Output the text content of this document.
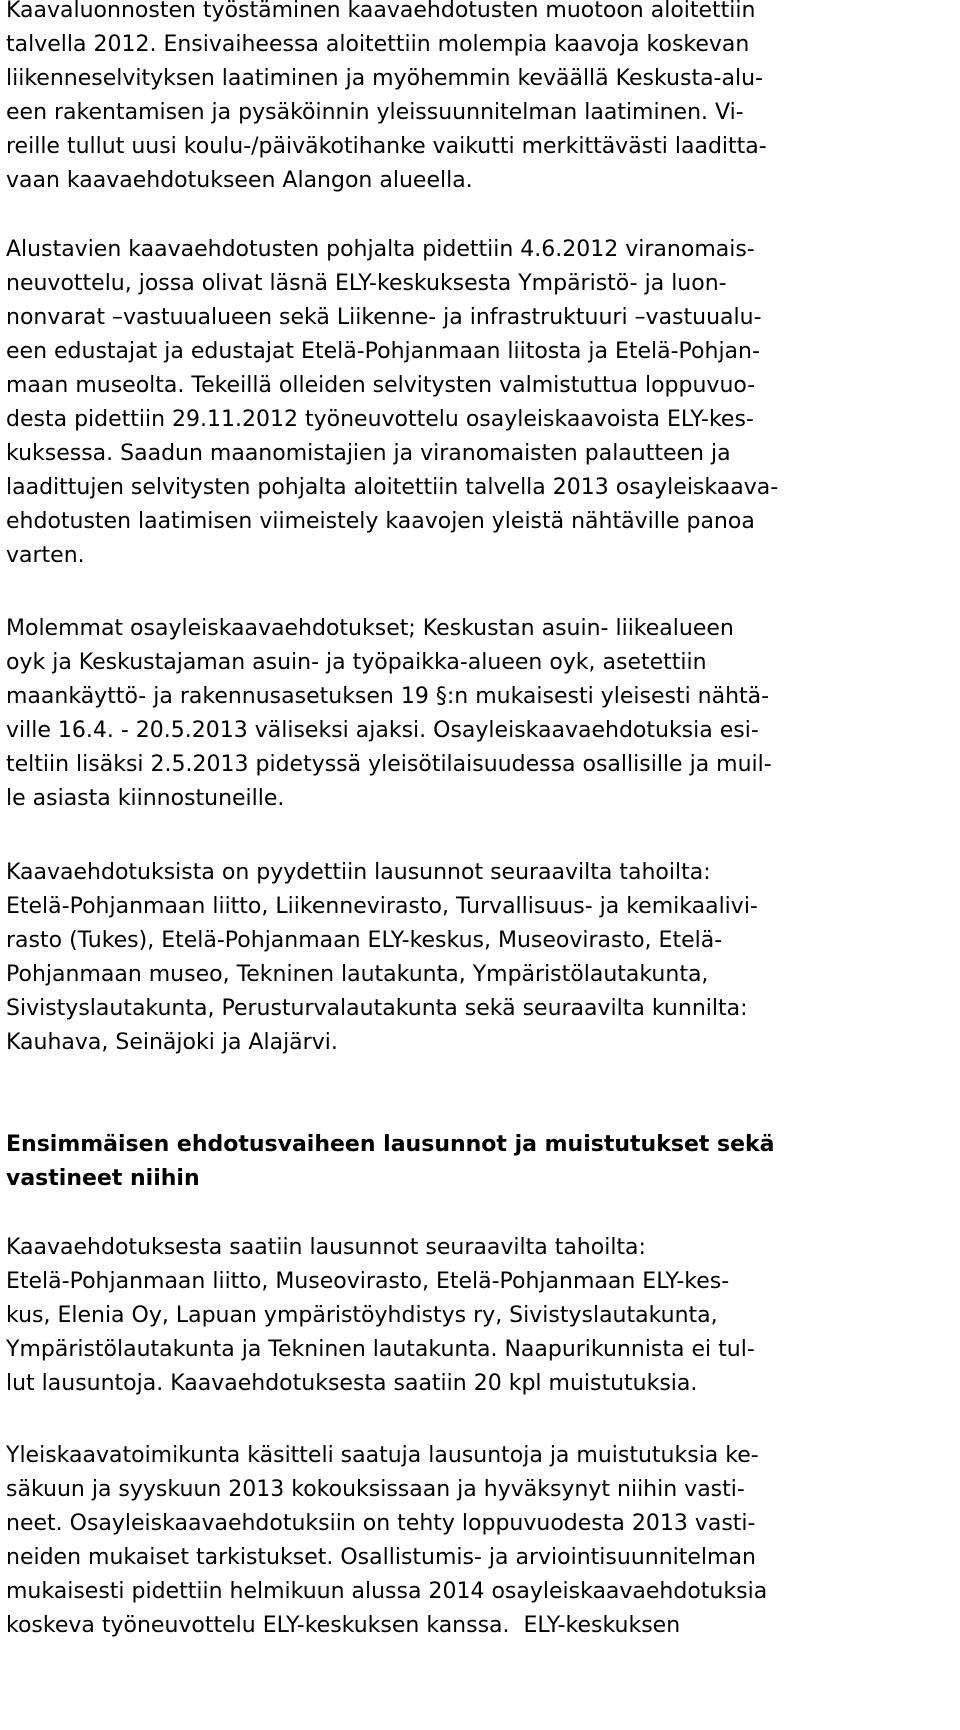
Kaavaluonnosten työstäminen kaavaehdotusten muotoon aloitettiin
talvella 2012. Ensivaiheessa aloitettiin molempia kaavoja koskevan
liikenneselvityksen laatiminen ja myöhemmin keväällä Keskusta-alu-
een rakentamisen ja pysäköinnin yleissuunnitelman laatiminen. Vi-
reille tullut uusi koulu-/päiväkotihanke vaikutti merkittävästi laaditta-
vaan kaavaehdotukseen Alangon alueella.
Alustavien kaavaehdotusten pohjalta pidettiin 4.6.2012 viranomais-
neuvottelu, jossa olivat läsnä ELY-keskuksesta Ympäristö- ja luon-
nonvarat –vastuualueen sekä Liikenne- ja infrastruktuuri –vastuualu-
een edustajat ja edustajat Etelä-Pohjanmaan liitosta ja Etelä-Pohjan-
maan museolta. Tekeillä olleiden selvitysten valmistuttua loppuvuo-
desta pidettiin 29.11.2012 työneuvottelu osayleiskaavoista ELY-kes-
kuksessa. Saadun maanomistajien ja viranomaisten palautteen ja
laadittujen selvitysten pohjalta aloitettiin talvella 2013 osayleiskaava-
ehdotusten laatimisen viimeistely kaavojen yleistä nähtäville panoa
varten.
Molemmat osayleiskaavaehdotukset; Keskustan asuin- liikealueen
oyk ja Keskustajaman asuin- ja työpaikka-alueen oyk, asetettiin
maankäyttö- ja rakennusasetuksen 19 §:n mukaisesti yleisesti nähtä-
ville 16.4. - 20.5.2013 väliseksi ajaksi. Osayleiskaavaehdotuksia esi-
teltiin lisäksi 2.5.2013 pidetyssä yleisötilaisuudessa osallisille ja muil-
le asiasta kiinnostuneille.
Kaavaehdotuksista on pyydettiin lausunnot seuraavilta tahoilta:
Etelä-Pohjanmaan liitto, Liikennevirasto, Turvallisuus- ja kemikaalivi-
rasto (Tukes), Etelä-Pohjanmaan ELY-keskus, Museovirasto, Etelä-
Pohjanmaan museo, Tekninen lautakunta, Ympäristölautakunta,
Sivistyslautakunta, Perusturvalautakunta sekä seuraavilta kunnilta:
Kauhava, Seinäjoki ja Alajärvi.
Ensimmäisen ehdotusvaiheen lausunnot ja muistutukset sekä
vastineet niihin
Kaavaehdotuksesta saatiin lausunnot seuraavilta tahoilta:
Etelä-Pohjanmaan liitto, Museovirasto, Etelä-Pohjanmaan ELY-kes-
kus, Elenia Oy, Lapuan ympäristöyhdistys ry, Sivistyslautakunta,
Ympäristölautakunta ja Tekninen lautakunta. Naapurikunnista ei tul-
lut lausuntoja. Kaavaehdotuksesta saatiin 20 kpl muistutuksia.
Yleiskaavatoimikunta käsitteli saatuja lausuntoja ja muistutuksia ke-
säkuun ja syyskuun 2013 kokouksissaan ja hyväksynyt niihin vasti-
neet. Osayleiskaavaehdotuksiin on tehty loppuvuodesta 2013 vasti-
neiden mukaiset tarkistukset. Osallistumis- ja arviointisuunnitelman
mukaisesti pidettiin helmikuun alussa 2014 osayleiskaavaehdotuksia
koskeva työneuvottelu ELY-keskuksen kanssa.  ELY-keskuksen
